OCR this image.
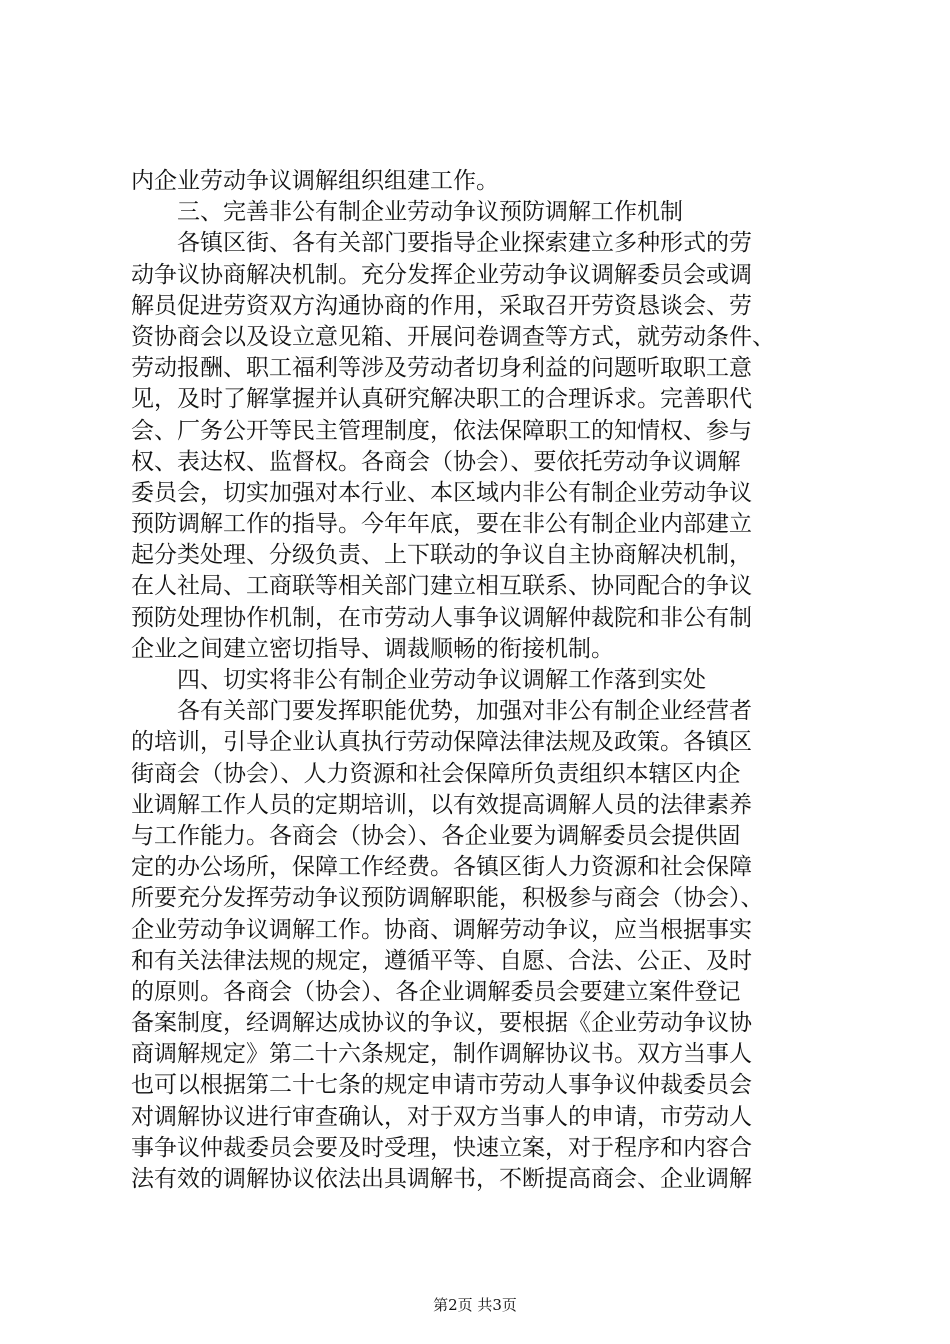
内企业劳动争议调解组织组建工作。
三、完善非公有制企业劳动争议预防调解工作机制
各镇区街、各有关部门要指导企业探索建立多种形式的劳
动争议协商解决机制。充分发挥企业劳动争议调解委员会或调
解员促进劳资双方沟通协商的作用，采取召开劳资恳谈会、劳
资协商会以及设立意见箱、开展问卷调查等方式，就劳动条件、
劳动报酬、职工福利等涉及劳动者切身利益的问题听取职工意
见，及时了解掌握并认真研究解决职工的合理诉求。完善职代
会、厂务公开等民主管理制度，依法保障职工的知情权、参与
权、表达权、监督权。各商会（协会）、要依托劳动争议调解
委员会，切实加强对本行业、本区域内非公有制企业劳动争议
预防调解工作的指导。今年年底，要在非公有制企业内部建立
起分类处理、分级负责、上下联动的争议自主协商解决机制，
在人社局、工商联等相关部门建立相互联系、协同配合的争议
预防处理协作机制，在市劳动人事争议调解仲裁院和非公有制
企业之间建立密切指导、调裁顺畅的衔接机制。
四、切实将非公有制企业劳动争议调解工作落到实处
各有关部门要发挥职能优势，加强对非公有制企业经营者
的培训，引导企业认真执行劳动保障法律法规及政策。各镇区
街商会（协会）、人力资源和社会保障所负责组织本辖区内企
业调解工作人员的定期培训，以有效提高调解人员的法律素养
与工作能力。各商会（协会）、各企业要为调解委员会提供固
定的办公场所，保障工作经费。各镇区街人力资源和社会保障
所要充分发挥劳动争议预防调解职能，积极参与商会（协会）、
企业劳动争议调解工作。协商、调解劳动争议，应当根据事实
和有关法律法规的规定，遵循平等、自愿、合法、公正、及时
的原则。各商会（协会）、各企业调解委员会要建立案件登记
备案制度，经调解达成协议的争议，要根据《企业劳动争议协
商调解规定》第二十六条规定，制作调解协议书。双方当事人
也可以根据第二十七条的规定申请市劳动人事争议仲裁委员会
对调解协议进行审查确认，对于双方当事人的申请，市劳动人
事争议仲裁委员会要及时受理，快速立案，对于程序和内容合
法有效的调解协议依法出具调解书，不断提高商会、企业调解
第2页 共3页
